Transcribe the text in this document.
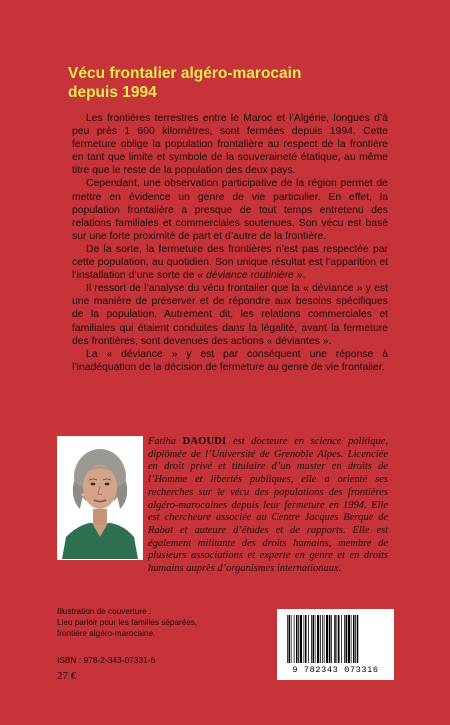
Vécu frontalier algéro-marocain
depuis 1994

Les frontières terrestres entre le Maroc et l’Algérie, longues d’à peu près 1 600 kilomètres, sont fermées depuis 1994. Cette fermeture oblige la population frontalière au respect de la frontière en tant que limite et symbole de la souveraineté étatique, au même titre que le reste de la population des deux pays.

Cependant, une observation participative de la région permet de mettre en évidence un genre de vie particulier. En effet, la population frontalière a presque de tout temps entretenu des relations familiales et commerciales soutenues. Son vécu est basé sur une forte proximité de part et d’autre de la frontière.

De la sorte, la fermeture des frontières n’est pas respectée par cette population, au quotidien. Son unique résultat est l’apparition et l’installation d’une sorte de « déviance routinière ».

Il ressort de l’analyse du vécu frontalier que la « déviance » y est une manière de préserver et de répondre aux besoins spécifiques de la population. Autrement dit, les relations commerciales et familiales qui étaient conduites dans la légalité, avant la fermeture des frontières, sont devenues des actions « déviantes ».

La « déviance » y est par conséquent une réponse à l’inadéquation de la décision de fermeture au genre de vie frontalier.

Fatiha DAOUDI est docteure en science politique, diplômée de l’Université de Grenoble Alpes. Licenciée en droit privé et titulaire d’un master en droits de l’Homme et libertés publiques, elle a orienté ses recherches sur le vécu des populations des frontières algéro-marocaines depuis leur fermeture en 1994. Elle est chercheure associée au Centre Jacques Berque de Rabat et auteure d’études et de rapports. Elle est également militante des droits humains, membre de plusieurs associations et experte en genre et en droits humains auprès d’organismes internationaux.
Illustration de couverture :
Lieu parloir pour les familles séparées,
frontière algéro-marocaine.
ISBN : 978-2-343-07331-6
27 €	9 782343 073316
